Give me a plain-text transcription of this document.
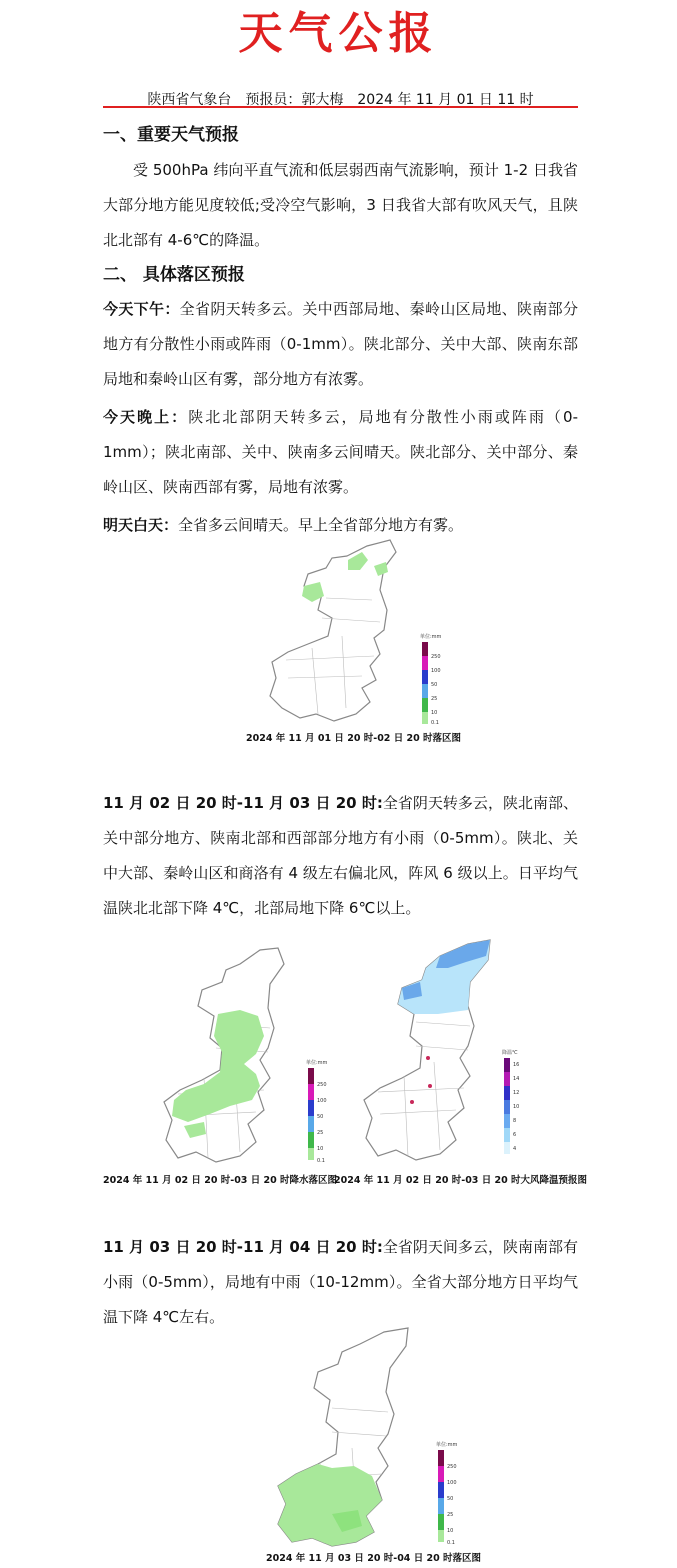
天气公报
陕西省气象台　预报员：郭大梅　2024 年 11 月 01 日 11 时
一、重要天气预报
受 500hPa 纬向平直气流和低层弱西南气流影响，预计 1-2 日我省大部分地方能见度较低;受冷空气影响，3 日我省大部有吹风天气，且陕北北部有 4-6℃的降温。
二、 具体落区预报
今天下午：全省阴天转多云。关中西部局地、秦岭山区局地、陕南部分地方有分散性小雨或阵雨（0-1mm）。陕北部分、关中大部、陕南东部局地和秦岭山区有雾，部分地方有浓雾。
今天晚上：陕北北部阴天转多云，局地有分散性小雨或阵雨（0-1mm）；陕北南部、关中、陕南多云间晴天。陕北部分、关中部分、秦岭山区、陕南西部有雾，局地有浓雾。
明天白天：全省多云间晴天。早上全省部分地方有雾。
单位:mm
250
100
50
25
10
0.1
2024 年 11 月 01 日 20 时-02 日 20 时落区图
11 月 02 日 20 时-11 月 03 日 20 时:全省阴天转多云，陕北南部、关中部分地方、陕南北部和西部部分地方有小雨（0-5mm）。陕北、关中大部、秦岭山区和商洛有 4 级左右偏北风，阵风 6 级以上。日平均气温陕北北部下降 4℃，北部局地下降 6℃以上。
单位:mm
250
100
50
25
10
0.1
降温℃
16
14
12
10
8
6
4
2024 年 11 月 02 日 20 时-03 日 20 时降水落区图
2024 年 11 月 02 日 20 时-03 日 20 时大风降温预报图
11 月 03 日 20 时-11 月 04 日 20 时:全省阴天间多云，陕南南部有小雨（0-5mm），局地有中雨（10-12mm）。全省大部分地方日平均气温下降 4℃左右。
单位:mm
250
100
50
25
10
0.1
2024 年 11 月 03 日 20 时-04 日 20 时落区图
